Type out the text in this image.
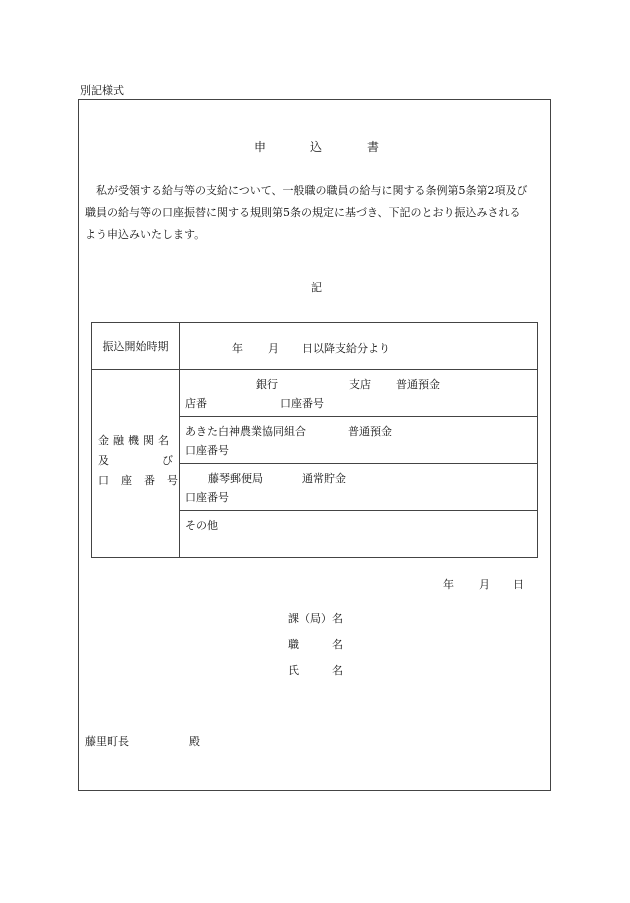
別記様式
申	込	書
私が受領する給与等の支給について、一般職の職員の給与に関する条例第5条第2項及び
職員の給与等の口座振替に関する規則第5条の規定に基づき、下記のとおり振込みされる
よう申込みいたします。
記
振込開始時期	年 月 日以降支給分より

金融機関名
及 び
口座番号	銀行 支店 普通預金
店番 口座番号

	あきた白神農業協同組合 普通預金
口座番号

	藤琴郵便局 通常貯金
口座番号

	その他
年 月 日
課（局）名
職	名
氏	名
藤里町長	殿
